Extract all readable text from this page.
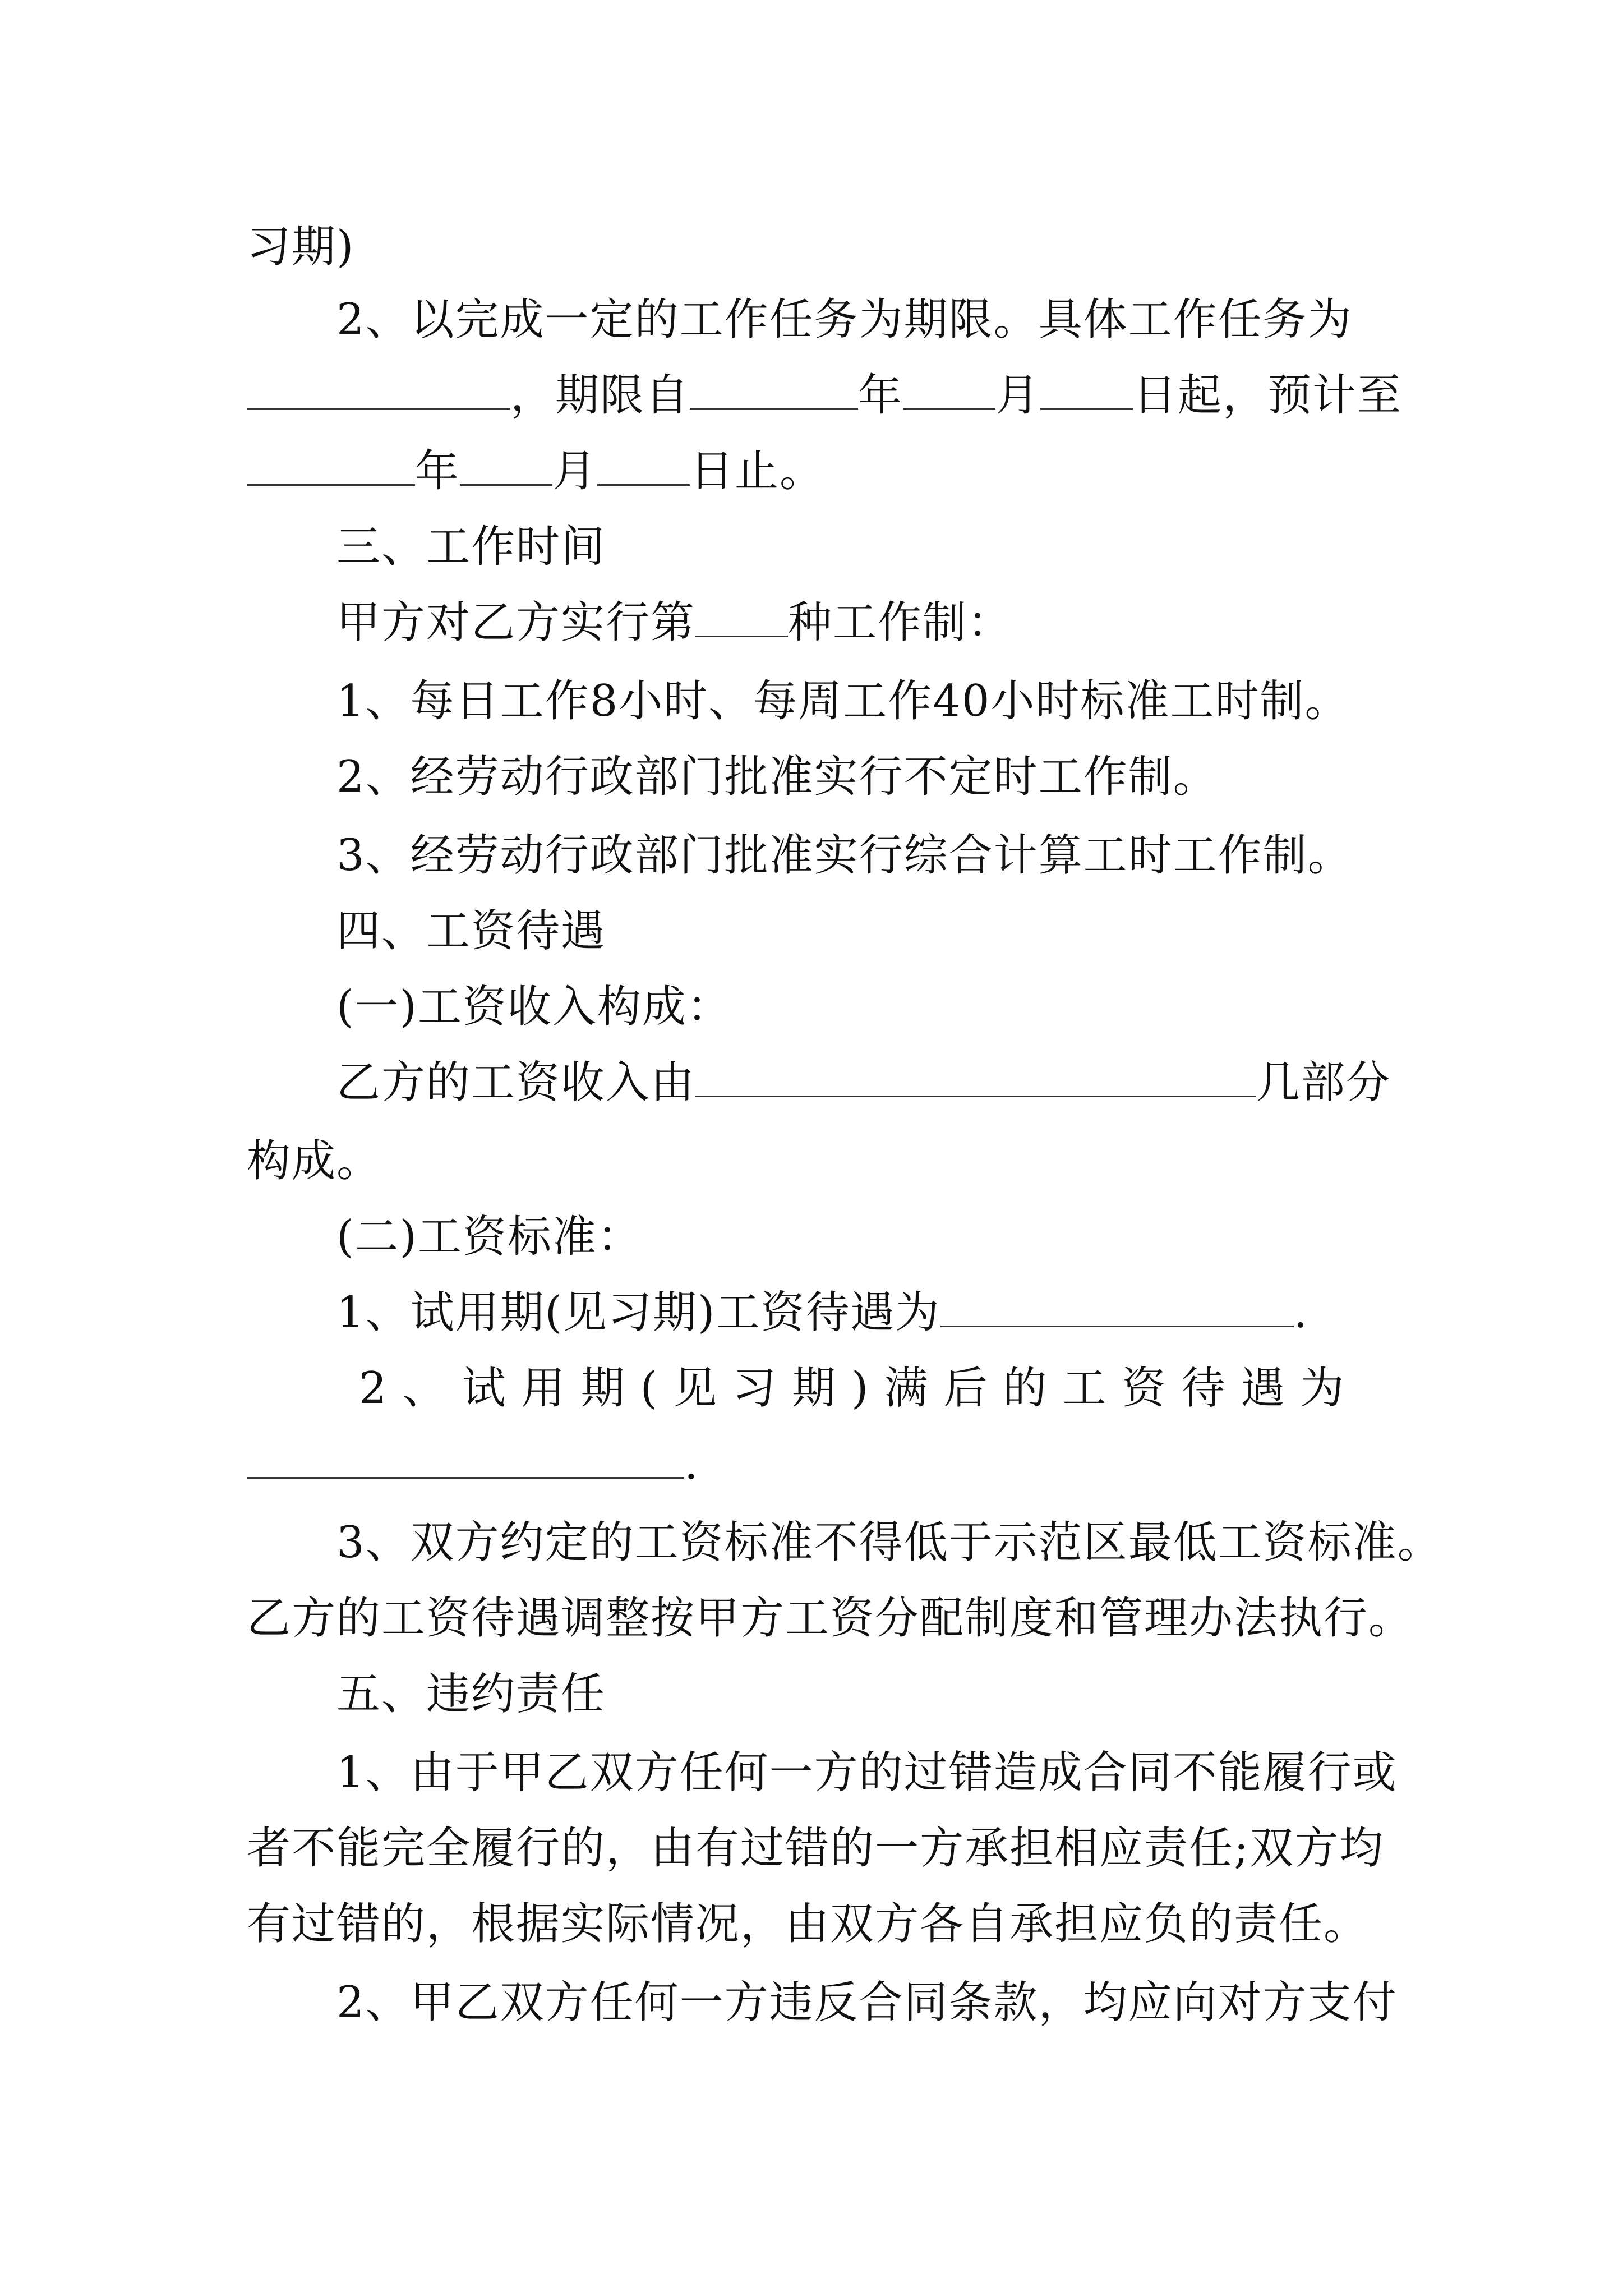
习期)
2、以完成一定的工作任务为期限。具体工作任务为
，期限自	年 月 日起，预计至
年 月 日止。
三、工作时间
甲方对乙方实行第 种工作制：
1、每日工作8小时、每周工作40小时标准工时制。
2、经劳动行政部门批准实行不定时工作制。
3、经劳动行政部门批准实行综合计算工时工作制。
四、工资待遇
(一)工资收入构成：
乙方的工资收入由	几部分
构成。
(二)工资标准：
1、试用期(见习期)工资待遇为	.
2、试用期(见习期)满后的工资待遇为
.
3、双方约定的工资标准不得低于示范区最低工资标准。
乙方的工资待遇调整按甲方工资分配制度和管理办法执行。
五、违约责任
1、由于甲乙双方任何一方的过错造成合同不能履行或
者不能完全履行的，由有过错的一方承担相应责任;双方均
有过错的，根据实际情况，由双方各自承担应负的责任。
2、甲乙双方任何一方违反合同条款，均应向对方支付
